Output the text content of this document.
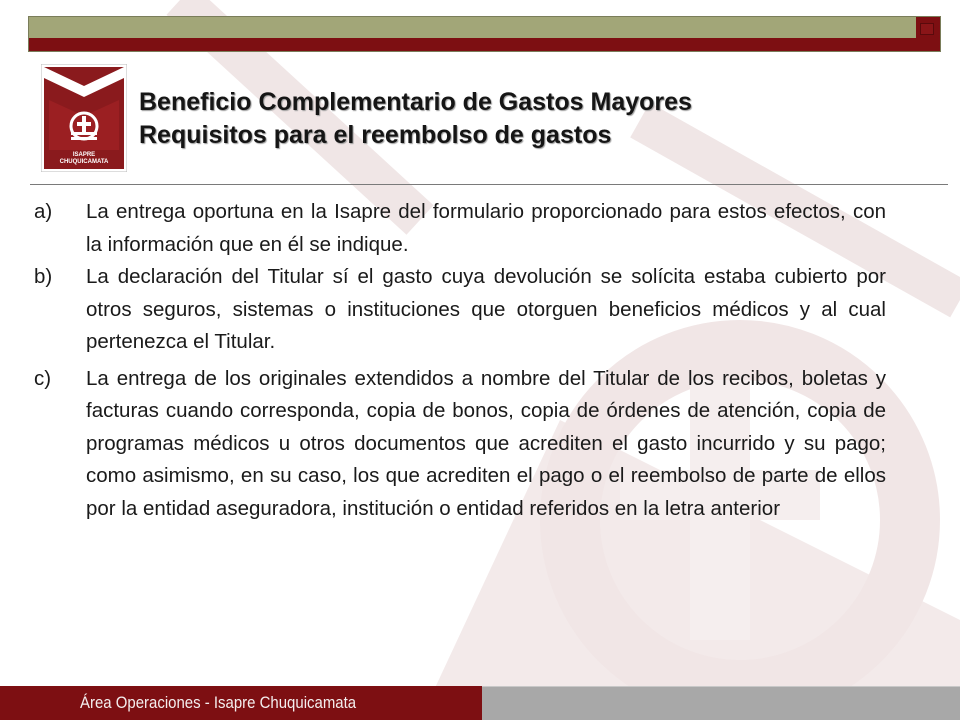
ISAPRE
CHUQUICAMATA
Beneficio Complementario de Gastos Mayores
Requisitos para el reembolso de gastos
a) La entrega oportuna en la Isapre del formulario proporcionado para estos efectos, con la información que en él se indique.
b) La declaración del Titular sí el gasto cuya devolución se solícita estaba cubierto por otros seguros, sistemas o instituciones que otorguen beneficios médicos y al cual pertenezca el Titular.
c) La entrega de los originales extendidos a nombre del Titular de los recibos, boletas y facturas cuando corresponda, copia de bonos, copia de órdenes de atención, copia de programas médicos u otros documentos que acrediten el gasto incurrido y su pago; como asimismo, en su caso, los que acrediten el pago o el reembolso de parte de ellos por la entidad aseguradora, institución o entidad referidos en la letra anterior
Área Operaciones - Isapre Chuquicamata
